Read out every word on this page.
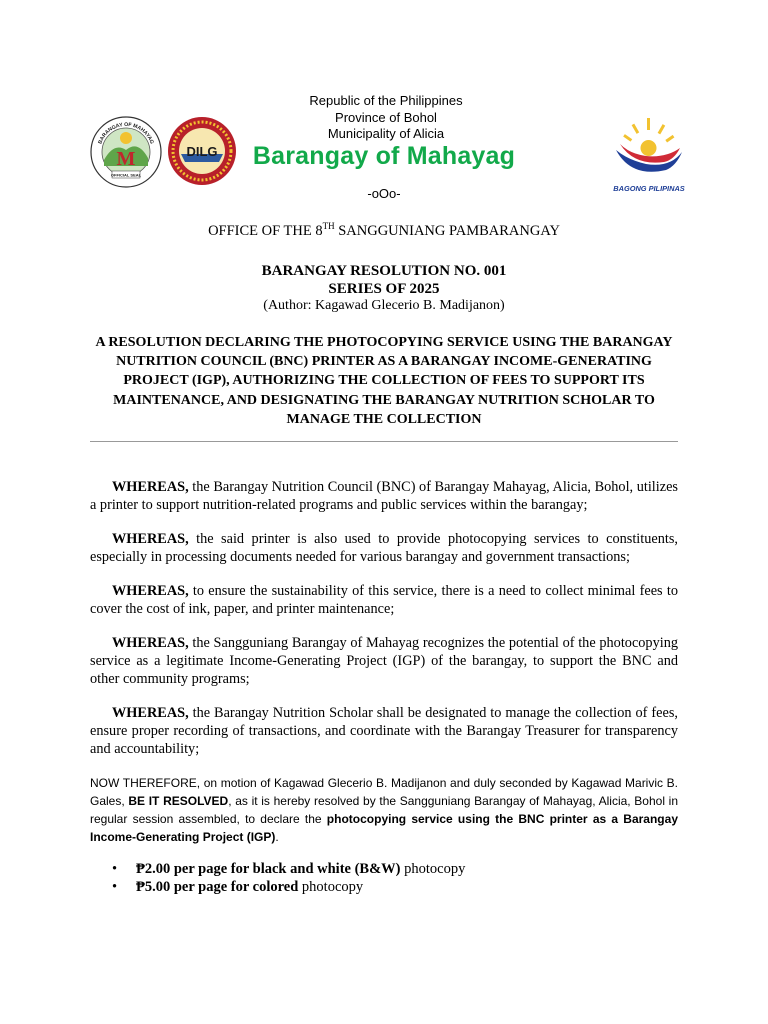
M
BARANGAY OF MAHAYAG
OFFICIAL SEAL
DILG
BAGONG PILIPINAS
Republic of the Philippines
Province of Bohol
Municipality of Alicia
Barangay of Mahayag
-oOo-
OFFICE OF THE 8TH SANGGUNIANG PAMBARANGAY
BARANGAY RESOLUTION NO. 001
SERIES OF 2025
(Author: Kagawad Glecerio B. Madijanon)
A RESOLUTION DECLARING THE PHOTOCOPYING SERVICE USING THE BARANGAY NUTRITION COUNCIL (BNC) PRINTER AS A BARANGAY INCOME-GENERATING PROJECT (IGP), AUTHORIZING THE COLLECTION OF FEES TO SUPPORT ITS MAINTENANCE, AND DESIGNATING THE BARANGAY NUTRITION SCHOLAR TO MANAGE THE COLLECTION

WHEREAS, the Barangay Nutrition Council (BNC) of Barangay Mahayag, Alicia, Bohol, utilizes a printer to support nutrition-related programs and public services within the barangay;

WHEREAS, the said printer is also used to provide photocopying services to constituents, especially in processing documents needed for various barangay and government transactions;

WHEREAS, to ensure the sustainability of this service, there is a need to collect minimal fees to cover the cost of ink, paper, and printer maintenance;

WHEREAS, the Sangguniang Barangay of Mahayag recognizes the potential of the photocopying service as a legitimate Income-Generating Project (IGP) of the barangay, to support the BNC and other community programs;

WHEREAS, the Barangay Nutrition Scholar shall be designated to manage the collection of fees, ensure proper recording of transactions, and coordinate with the Barangay Treasurer for transparency and accountability;

NOW THEREFORE, on motion of Kagawad Glecerio B. Madijanon and duly seconded by Kagawad Marivic B. Gales, BE IT RESOLVED, as it is hereby resolved by the Sangguniang Barangay of Mahayag, Alicia, Bohol in regular session assembled, to declare the photocopying service using the BNC printer as a Barangay Income-Generating Project (IGP).

• ₱2.00 per page for black and white (B&W) photocopy
• ₱5.00 per page for colored photocopy
